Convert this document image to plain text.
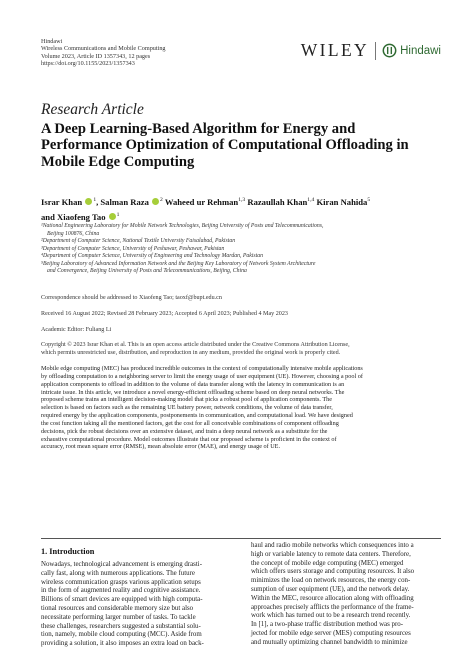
Hindawi
Wireless Communications and Mobile Computing
Volume 2023, Article ID 1357343, 12 pages
https://doi.org/10.1155/2023/1357343
WILEY	Hindawi
Research Article
A Deep Learning-Based Algorithm for Energy and
Performance Optimization of Computational Offloading in
Mobile Edge Computing
Israr Khan $^1$, Salman Raza $^2$ Waheed ur Rehman$^{1,3}$ Razaullah Khan$^{1,4}$ Kiran Nahida$^5$
and Xiaofeng Tao $^1$
¹National Engineering Laboratory for Mobile Network Technologies, Beijing University of Posts and Telecommunications,
Beijing 100876, China
²Department of Computer Science, National Textile University Faisalabad, Pakistan
³Department of Computer Science, University of Peshawar, Peshawar, Pakistan
⁴Department of Computer Science, University of Engineering and Technology Mardan, Pakistan
⁵Beijing Laboratory of Advanced Information Network and the Beijing Key Laboratory of Network System Architecture
and Convergence, Beijing University of Posts and Telecommunications, Beijing, China
Correspondence should be addressed to Xiaofeng Tao; taoxf@bupt.edu.cn
Received 16 August 2022; Revised 28 February 2023; Accepted 6 April 2023; Published 4 May 2023
Academic Editor: Fuliang Li
Copyright © 2023 Israr Khan et al. This is an open access article distributed under the Creative Commons Attribution License,
which permits unrestricted use, distribution, and reproduction in any medium, provided the original work is properly cited.
Mobile edge computing (MEC) has produced incredible outcomes in the context of computationally intensive mobile applications
by offloading computation to a neighboring server to limit the energy usage of user equipment (UE). However, choosing a pool of
application components to offload in addition to the volume of data transfer along with the latency in communication is an
intricate issue. In this article, we introduce a novel energy-efficient offloading scheme based on deep neural networks. The
proposed scheme trains an intelligent decision-making model that picks a robust pool of application components. The
selection is based on factors such as the remaining UE battery power, network conditions, the volume of data transfer,
required energy by the application components, postponements in communication, and computational load. We have designed
the cost function taking all the mentioned factors, get the cost for all conceivable combinations of component offloading
decisions, pick the robust decisions over an extensive dataset, and train a deep neural network as a substitute for the
exhaustive computational procedure. Model outcomes illustrate that our proposed scheme is proficient in the context of
accuracy, root mean square error (RMSE), mean absolute error (MAE), and energy usage of UE.
1. Introduction
Nowadays, technological advancement is emerging drasti-
cally fast, along with numerous applications. The future
wireless communication grasps various application setups
in the form of augmented reality and cognitive assistance.
Billions of smart devices are equipped with high computa-
tional resources and considerable memory size but also
necessitate performing larger number of tasks. To tackle
these challenges, researchers suggested a substantial solu-
tion, namely, mobile cloud computing (MCC). Aside from
providing a solution, it also imposes an extra load on back-
haul and radio mobile networks which consequences into a
high or variable latency to remote data centers. Therefore,
the concept of mobile edge computing (MEC) emerged
which offers users storage and computing resources. It also
minimizes the load on network resources, the energy con-
sumption of user equipment (UE), and the network delay.
Within the MEC, resource allocation along with offloading
approaches precisely afflicts the performance of the frame-
work which has turned out to be a research trend recently.
In [1], a two-phase traffic distribution method was pro-
jected for mobile edge server (MES) computing resources
and mutually optimizing channel bandwidth to minimize
